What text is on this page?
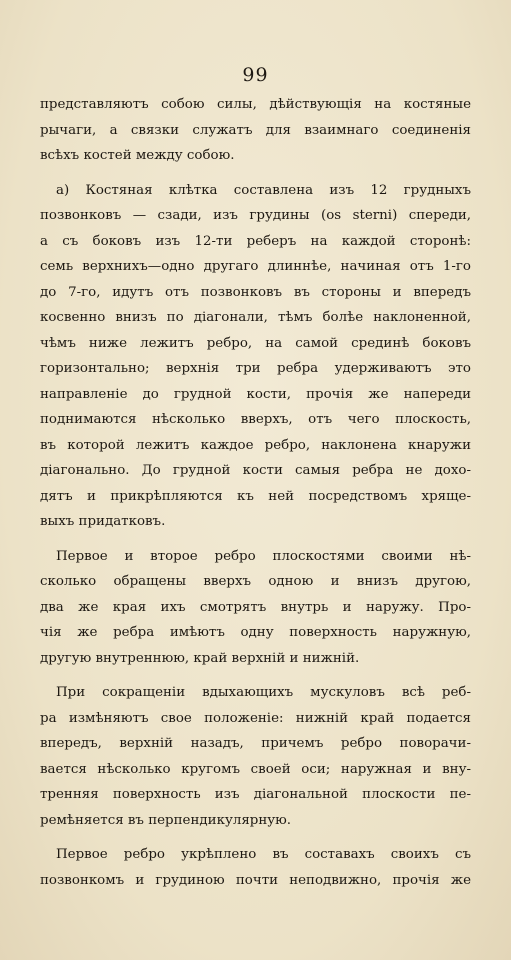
99
представляютъ собою силы, дѣйствующія на костяные
рычаги, а связки служатъ для взаимнаго соединенія
всѣхъ костей между собою.
а) Костяная клѣтка составлена изъ 12 грудныхъ
позвонковъ — сзади, изъ грудины (os sterni) спереди,
а съ боковъ изъ 12-ти реберъ на каждой сторонѣ:
семь верхнихъ—одно другаго длиннѣе, начиная отъ 1-го
до 7-го, идутъ отъ позвонковъ въ стороны и впередъ
косвенно внизъ по діагонали, тѣмъ болѣе наклоненной,
чѣмъ ниже лежитъ ребро, на самой срединѣ боковъ
горизонтально; верхнія три ребра удерживаютъ это
направленіе до грудной кости, прочія же напереди
поднимаются нѣсколько вверхъ, отъ чего плоскость,
въ которой лежитъ каждое ребро, наклонена кнаружи
діагонально. До грудной кости самыя ребра не дохо-
дятъ и прикрѣпляются къ ней посредствомъ хряще-
выхъ придатковъ.
Первое и второе ребро плоскостями своими нѣ-
сколько обращены вверхъ одною и внизъ другою,
два же края ихъ смотрятъ внутрь и наружу. Про-
чія же ребра имѣютъ одну поверхность наружную,
другую внутреннюю, край верхній и нижній.
При сокращеніи вдыхающихъ мускуловъ всѣ реб-
ра измѣняютъ свое положеніе: нижній край подается
впередъ, верхній назадъ, причемъ ребро поворачи-
вается нѣсколько кругомъ своей оси; наружная и вну-
тренняя поверхность изъ діагональной плоскости пе-
ремѣняется въ перпендикулярную.
Первое ребро укрѣплено въ составахъ своихъ съ
позвонкомъ и грудиною почти неподвижно, прочія же
